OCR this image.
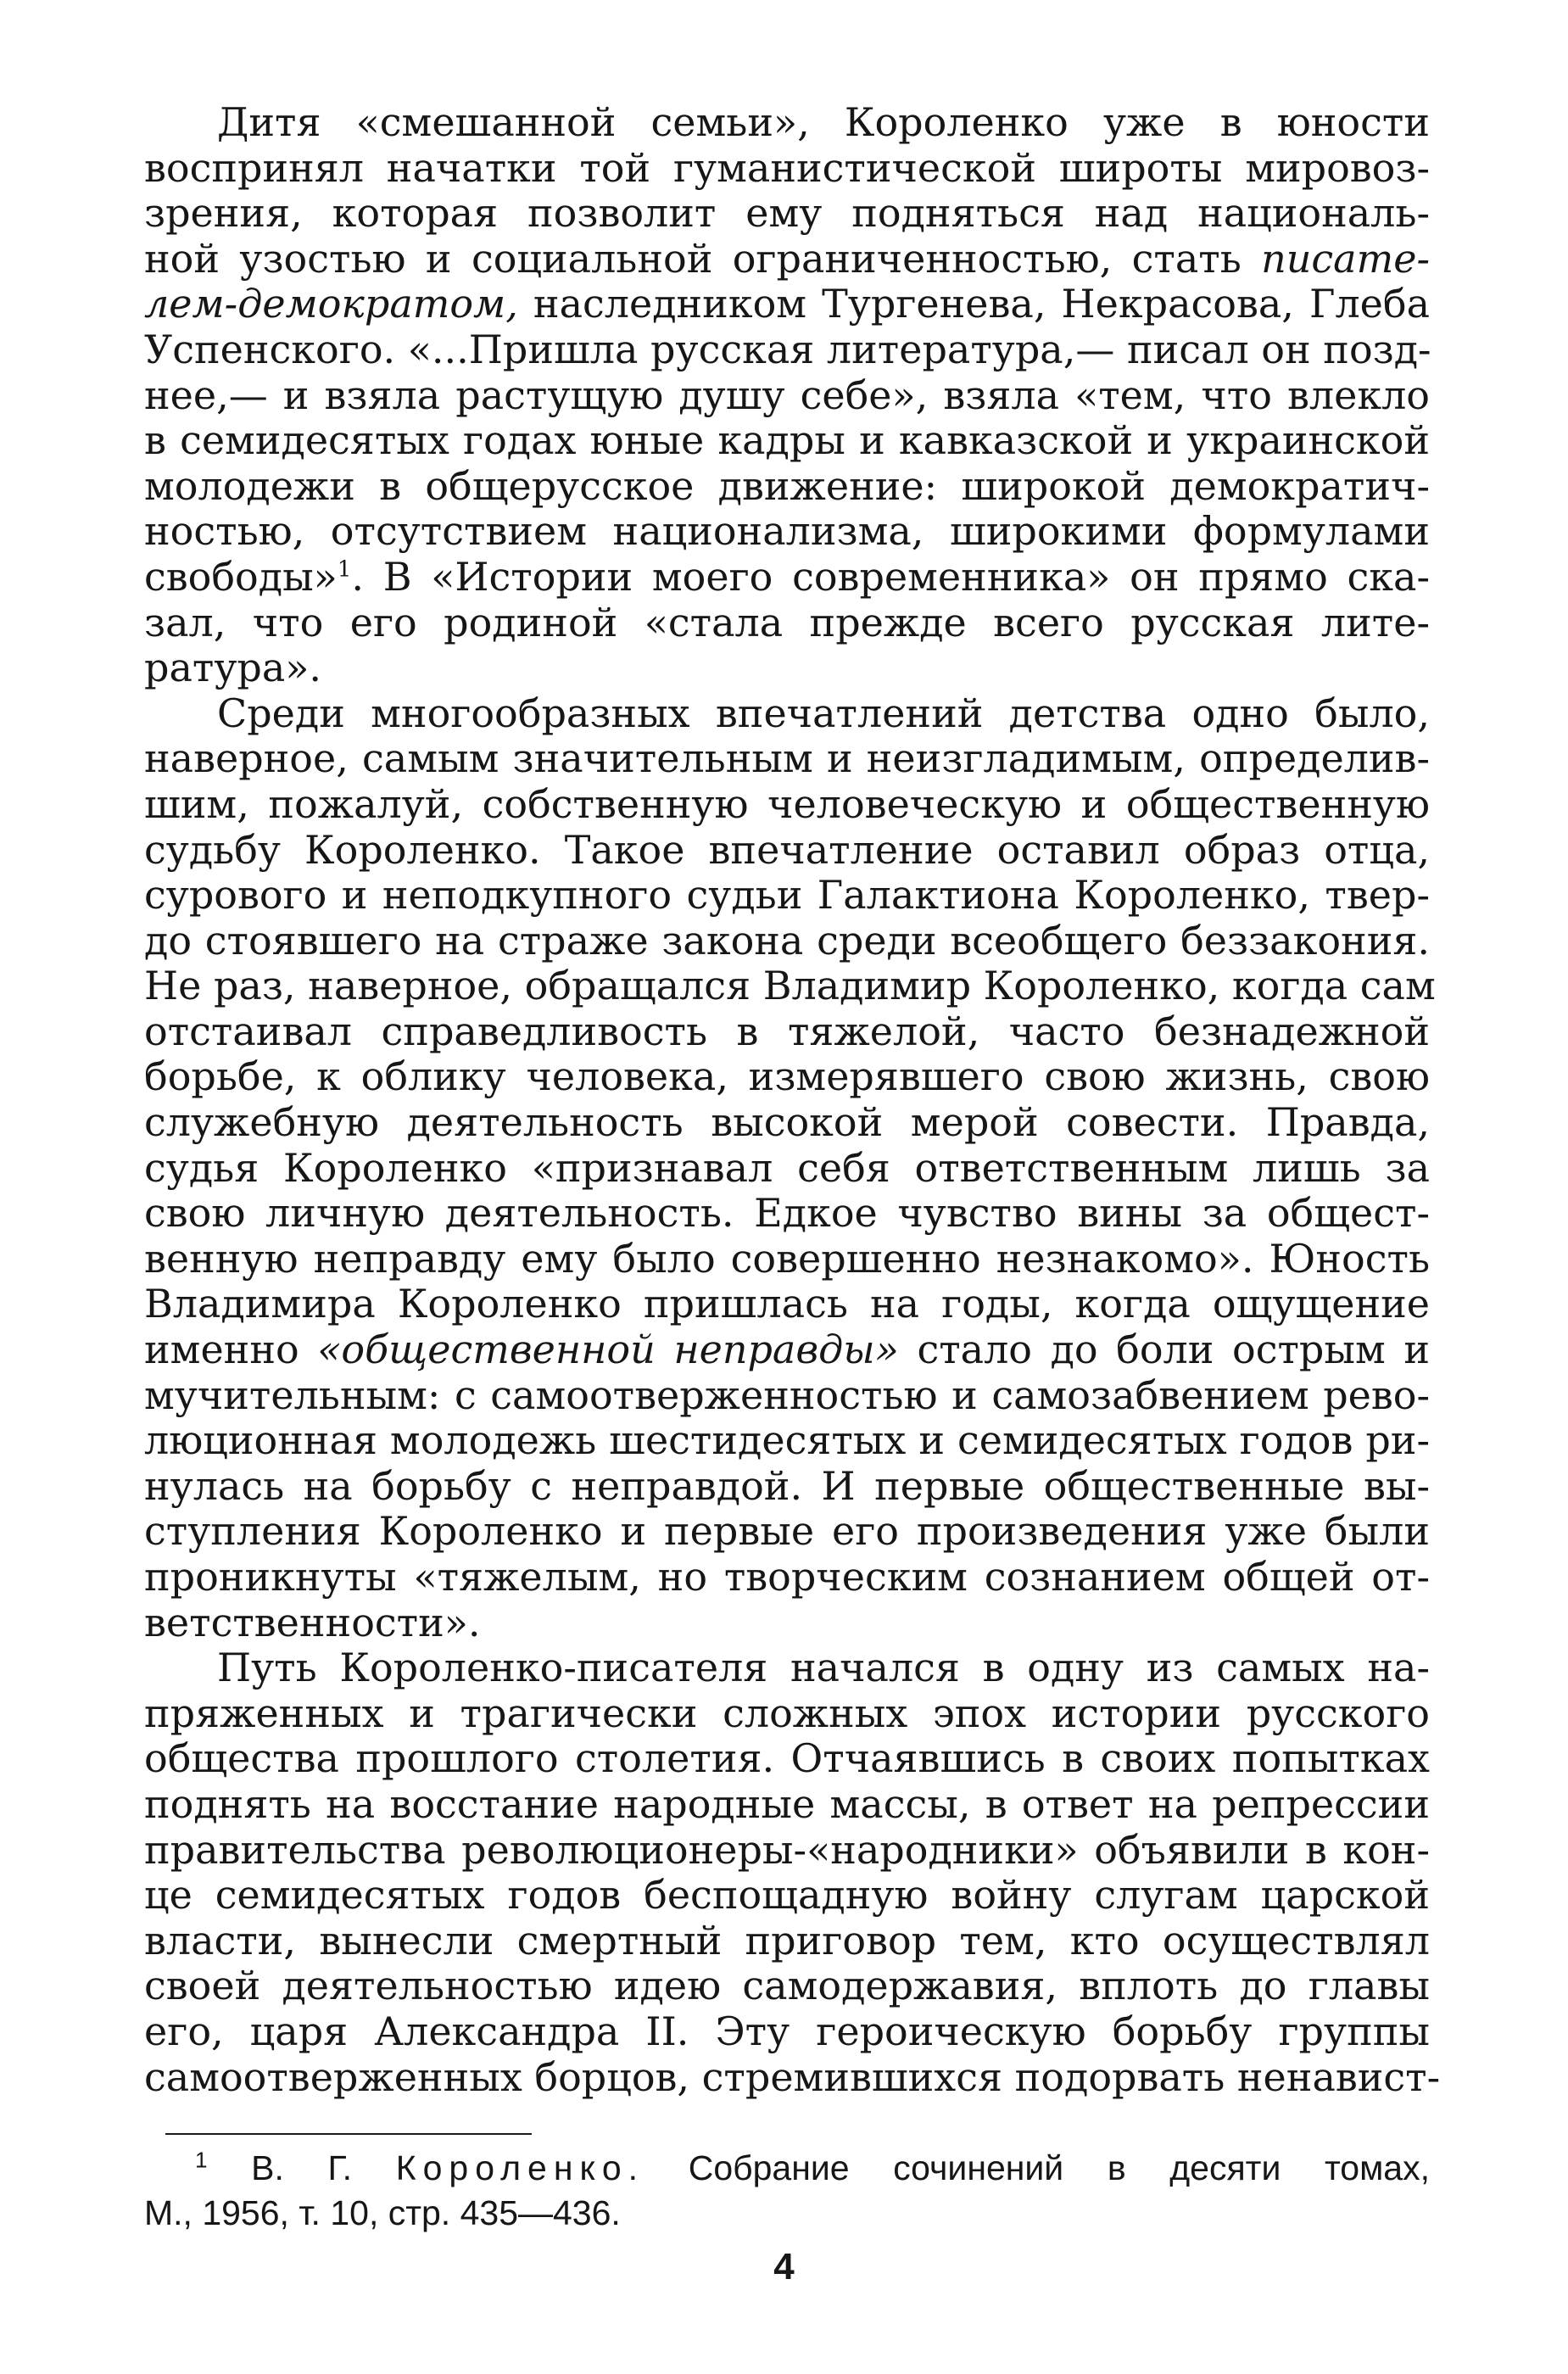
Дитя «смешанной семьи», Короленко уже в юности
воспринял начатки той гуманистической широты мировоз-
зрения, которая позволит ему подняться над националь-
ной узостью и социальной ограниченностью, стать писате-
лем-демократом, наследником Тургенева, Некрасова, Глеба
Успенского. «...Пришла русская литература,— писал он позд-
нее,— и взяла растущую душу себе», взяла «тем, что влекло
в семидесятых годах юные кадры и кавказской и украинской
молодежи в общерусское движение: широкой демократич-
ностью, отсутствием национализма, широкими формулами
свободы»$^1$. В «Истории моего современника» он прямо ска-
зал, что его родиной «стала прежде всего русская лите-
ратура».
Среди многообразных впечатлений детства одно было,
наверное, самым значительным и неизгладимым, определив-
шим, пожалуй, собственную человеческую и общественную
судьбу Короленко. Такое впечатление оставил образ отца,
сурового и неподкупного судьи Галактиона Короленко, твер-
до стоявшего на страже закона среди всеобщего беззакония.
Не раз, наверное, обращался Владимир Короленко, когда сам
отстаивал справедливость в тяжелой, часто безнадежной
борьбе, к облику человека, измерявшего свою жизнь, свою
служебную деятельность высокой мерой совести. Правда,
судья Короленко «признавал себя ответственным лишь за
свою личную деятельность. Едкое чувство вины за общест-
венную неправду ему было совершенно незнакомо». Юность
Владимира Короленко пришлась на годы, когда ощущение
именно «общественной неправды» стало до боли острым и
мучительным: с самоотверженностью и самозабвением рево-
люционная молодежь шестидесятых и семидесятых годов ри-
нулась на борьбу с неправдой. И первые общественные вы-
ступления Короленко и первые его произведения уже были
проникнуты «тяжелым, но творческим сознанием общей от-
ветственности».
Путь Короленко-писателя начался в одну из самых на-
пряженных и трагически сложных эпох истории русского
общества прошлого столетия. Отчаявшись в своих попытках
поднять на восстание народные массы, в ответ на репрессии
правительства революционеры-«народники» объявили в кон-
це семидесятых годов беспощадную войну слугам царской
власти, вынесли смертный приговор тем, кто осуществлял
своей деятельностью идею самодержавия, вплоть до главы
его, царя Александра II. Эту героическую борьбу группы
самоотверженных борцов, стремившихся подорвать ненавист-
$^1$ В. Г. Короленко. Собрание сочинений в десяти томах,
М., 1956, т. 10, стр. 435—436.
4
